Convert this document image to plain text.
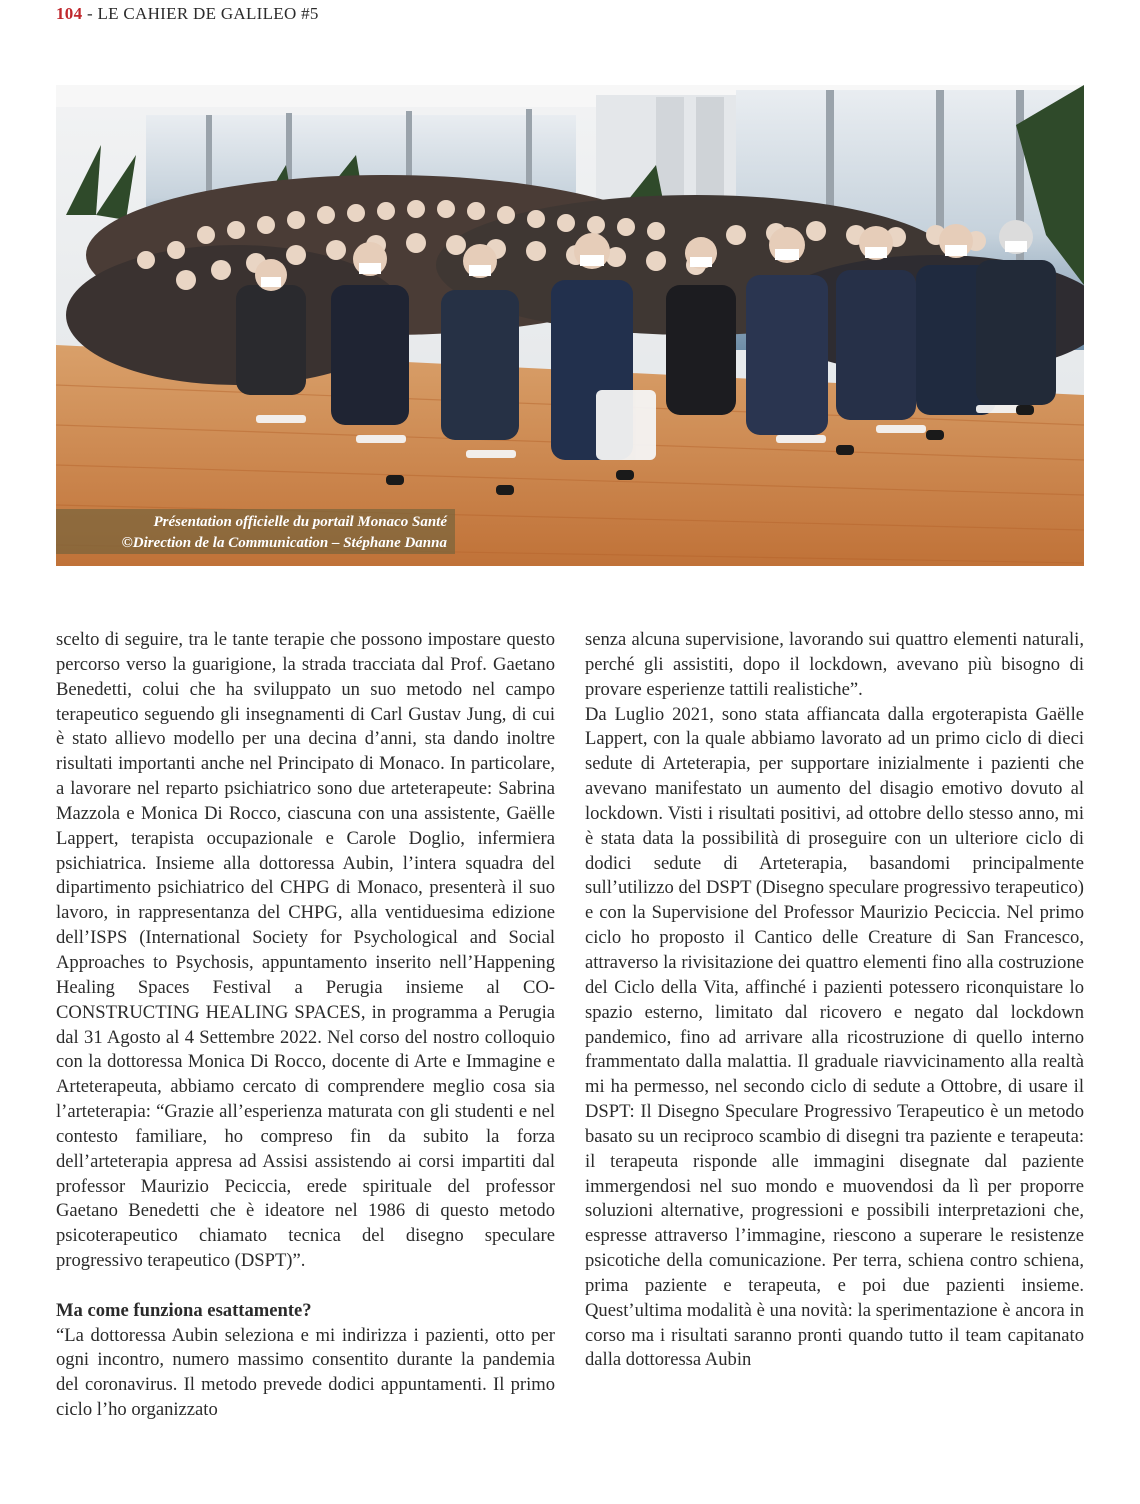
104 - LE CAHIER DE GALILEO #5
Présentation officielle du portail Monaco Santé
©Direction de la Communication – Stéphane Danna

scelto di seguire, tra le tante terapie che possono impostare questo percorso verso la guarigione, la strada tracciata dal Prof. Gaetano Benedetti, colui che ha sviluppato un suo metodo nel campo terapeutico seguendo gli insegnamenti di Carl Gustav Jung, di cui è stato allievo modello per una decina d’anni, sta dando inoltre risultati importanti anche nel Principato di Monaco. In particolare, a lavorare nel reparto psichiatrico sono due arteterapeute: Sabrina Mazzola e Monica Di Rocco, ciascuna con una assistente, Gaëlle Lappert, terapista occupazionale e Carole Doglio, infermiera psichiatrica. Insieme alla dottoressa Aubin, l’intera squadra del dipartimento psichiatrico del CHPG di Monaco, presenterà il suo lavoro, in rappresentanza del CHPG, alla ventiduesima edizione dell’ISPS (International Society for Psychological and Social Approaches to Psychosis, appuntamento inserito nell’Happening Healing Spaces Festival a Perugia insieme al CO-CONSTRUCTING HEALING SPACES, in programma a Perugia dal 31 Agosto al 4 Settembre 2022. Nel corso del nostro colloquio con la dottoressa Monica Di Rocco, docente di Arte e Immagine e Arteterapeuta, abbiamo cercato di comprendere meglio cosa sia l’arteterapia: “Grazie all’esperienza maturata con gli studenti e nel contesto familiare, ho compreso fin da subito la forza dell’arteterapia appresa ad Assisi assistendo ai corsi impartiti dal professor Maurizio Peciccia, erede spirituale del professor Gaetano Benedetti che è ideatore nel 1986 di questo metodo psicoterapeutico chiamato tecnica del disegno speculare progressivo terapeutico (DSPT)”.

Ma come funziona esattamente?

“La dottoressa Aubin seleziona e mi indirizza i pazienti, otto per ogni incontro, numero massimo consentito durante la pandemia del coronavirus. Il metodo prevede dodici appuntamenti. Il primo ciclo l’ho organizzato

senza alcuna supervisione, lavorando sui quattro elementi naturali, perché gli assistiti, dopo il lockdown, avevano più bisogno di provare esperienze tattili realistiche”.

Da Luglio 2021, sono stata affiancata dalla ergoterapista Gaëlle Lappert, con la quale abbiamo lavorato ad un primo ciclo di dieci sedute di Arteterapia, per supportare inizialmente i pazienti che avevano manifestato un aumento del disagio emotivo dovuto al lockdown. Visti i risultati positivi, ad ottobre dello stesso anno, mi è stata data la possibilità di proseguire con un ulteriore ciclo di dodici sedute di Arteterapia, basandomi principalmente sull’utilizzo del DSPT (Disegno speculare progressivo terapeutico) e con la Supervisione del Professor Maurizio Peciccia. Nel primo ciclo ho proposto il Cantico delle Creature di San Francesco, attraverso la rivisitazione dei quattro elementi fino alla costruzione del Ciclo della Vita, affinché i pazienti potessero riconquistare lo spazio esterno, limitato dal ricovero e negato dal lockdown pandemico, fino ad arrivare alla ricostruzione di quello interno frammentato dalla malattia. Il graduale riavvicinamento alla realtà mi ha permesso, nel secondo ciclo di sedute a Ottobre, di usare il DSPT: Il Disegno Speculare Progressivo Terapeutico è un metodo basato su un reciproco scambio di disegni tra paziente e terapeuta: il terapeuta risponde alle immagini disegnate dal paziente immergendosi nel suo mondo e muovendosi da lì per proporre soluzioni alternative, progressioni e possibili interpretazioni che, espresse attraverso l’immagine, riescono a superare le resistenze psicotiche della comunicazione. Per terra, schiena contro schiena, prima paziente e terapeuta, e poi due pazienti insieme. Quest’ultima modalità è una novità: la sperimentazione è ancora in corso ma i risultati saranno pronti quando tutto il team capitanato dalla dottoressa Aubin
